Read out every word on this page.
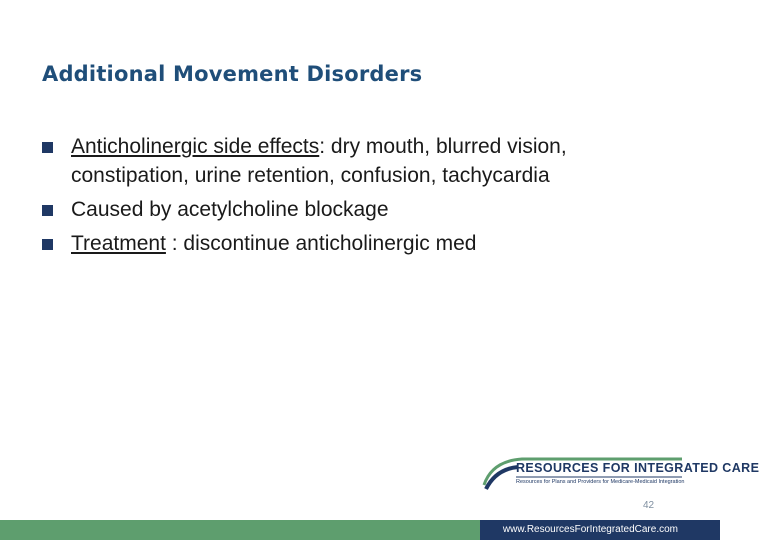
Additional Movement Disorders
Anticholinergic side effects: dry mouth, blurred vision, constipation, urine retention, confusion, tachycardia
Caused by acetylcholine blockage
Treatment : discontinue anticholinergic med
RESOURCES FOR INTEGRATED CARE
Resources for Plans and Providers for Medicare-Medicaid Integration
42
www.ResourcesForIntegratedCare.com
